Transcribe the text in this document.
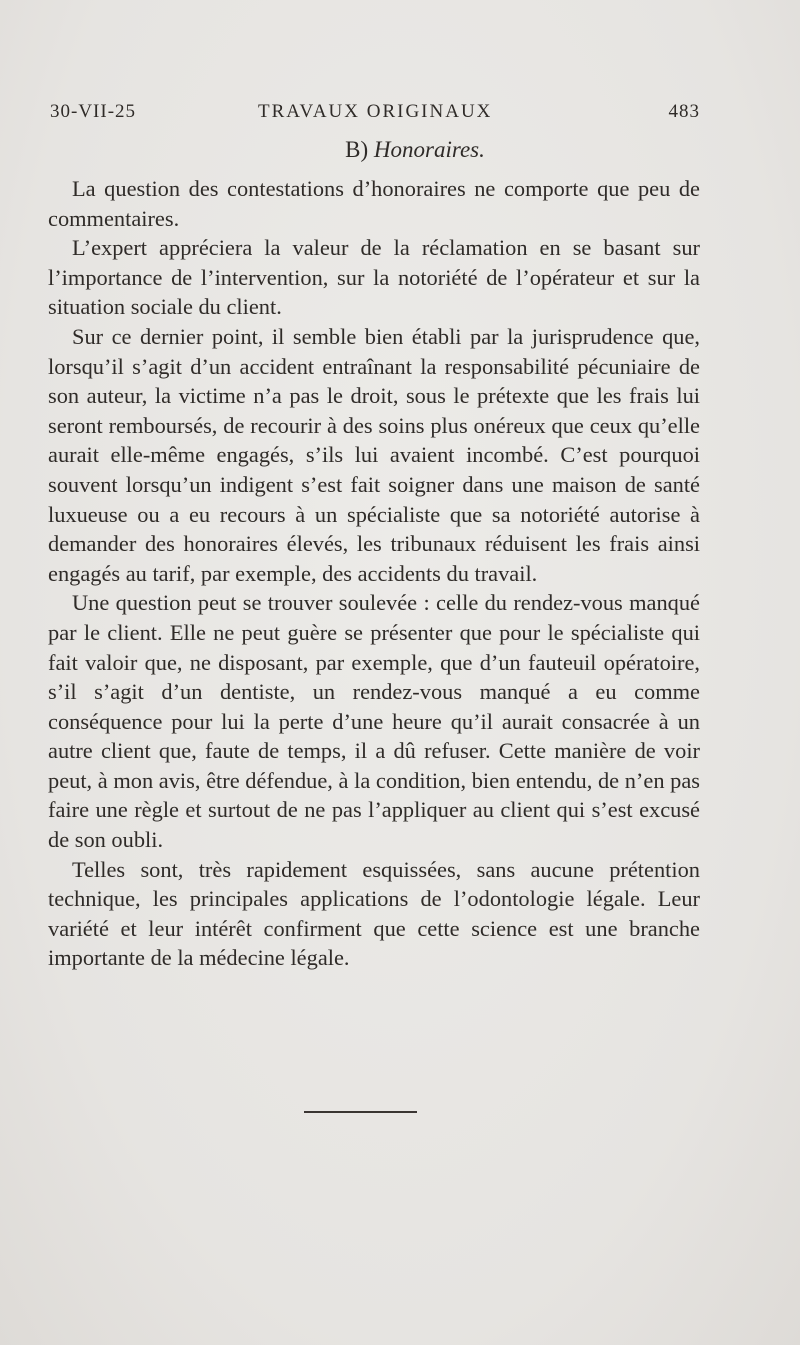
30-VII-25	TRAVAUX ORIGINAUX	483
B) Honoraires.

La question des contestations d’honoraires ne comporte que peu de commentaires.

L’expert appréciera la valeur de la réclamation en se basant sur l’importance de l’intervention, sur la notoriété de l’opérateur et sur la situation sociale du client.

Sur ce dernier point, il semble bien établi par la jurisprudence que, lorsqu’il s’agit d’un accident entraînant la responsabilité pécuniaire de son auteur, la victime n’a pas le droit, sous le prétexte que les frais lui seront remboursés, de recourir à des soins plus onéreux que ceux qu’elle aurait elle-même engagés, s’ils lui avaient incombé. C’est pourquoi souvent lorsqu’un indigent s’est fait soigner dans une maison de santé luxueuse ou a eu recours à un spécialiste que sa notoriété autorise à demander des honoraires élevés, les tribunaux réduisent les frais ainsi engagés au tarif, par exemple, des accidents du travail.

Une question peut se trouver soulevée : celle du rendez-vous manqué par le client. Elle ne peut guère se présenter que pour le spécialiste qui fait valoir que, ne disposant, par exemple, que d’un fauteuil opératoire, s’il s’agit d’un dentiste, un rendez-vous manqué a eu comme conséquence pour lui la perte d’une heure qu’il aurait consacrée à un autre client que, faute de temps, il a dû refuser. Cette manière de voir peut, à mon avis, être défendue, à la condition, bien entendu, de n’en pas faire une règle et surtout de ne pas l’appliquer au client qui s’est excusé de son oubli.

Telles sont, très rapidement esquissées, sans aucune prétention technique, les principales applications de l’odontologie légale. Leur variété et leur intérêt confirment que cette science est une branche importante de la médecine légale.
